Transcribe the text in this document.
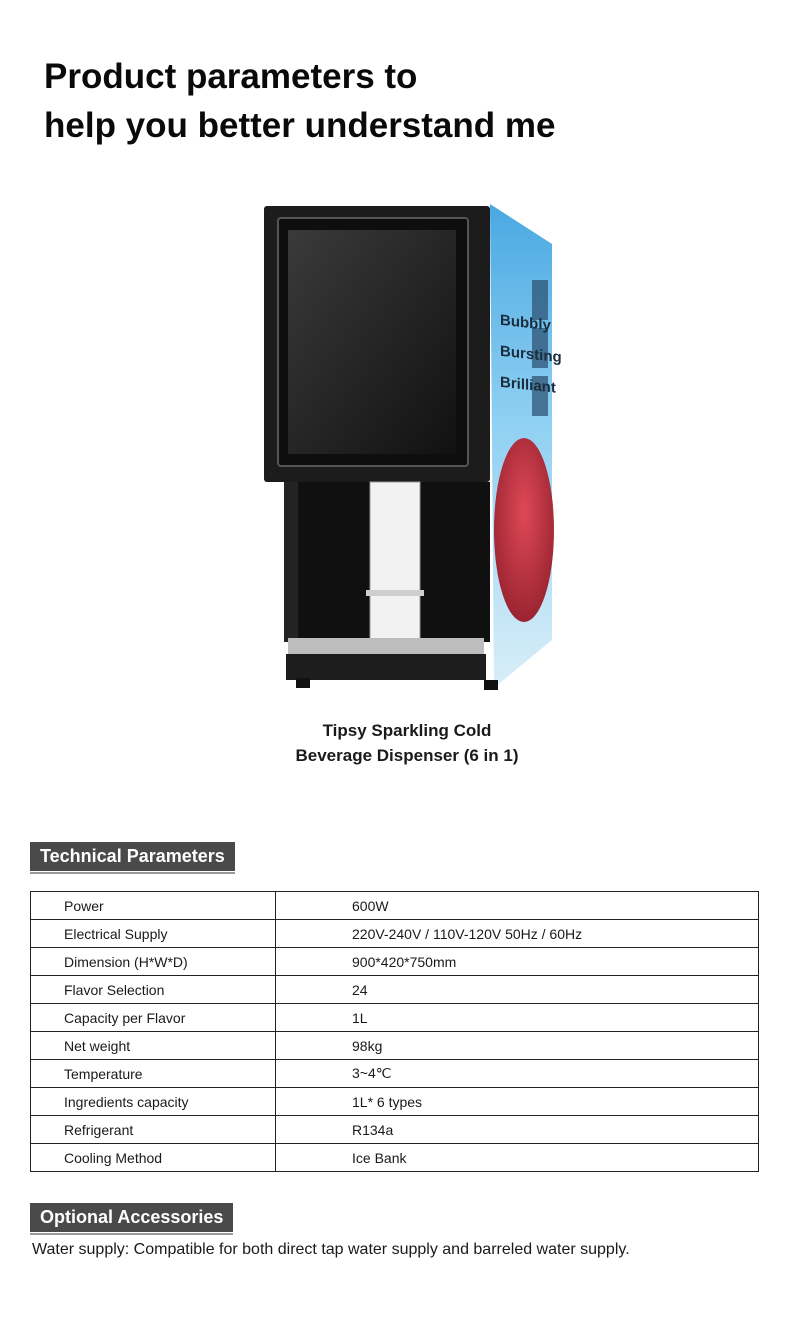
Product parameters to
help you better understand me
Tipsy Sparkling Cold
Beverage Dispenser (6 in 1)
Bubbly
Bursting
Brilliant
Technical Parameters
Power	600W
Electrical Supply	220V-240V / 110V-120V 50Hz / 60Hz
Dimension (H*W*D)	900*420*750mm
Flavor Selection	24
Capacity per Flavor	1L
Net weight	98kg
Temperature	3~4℃
Ingredients capacity	1L* 6 types
Refrigerant	R134a
Cooling Method	Ice Bank
Optional Accessories
Water supply: Compatible for both direct tap water supply and barreled water supply.
